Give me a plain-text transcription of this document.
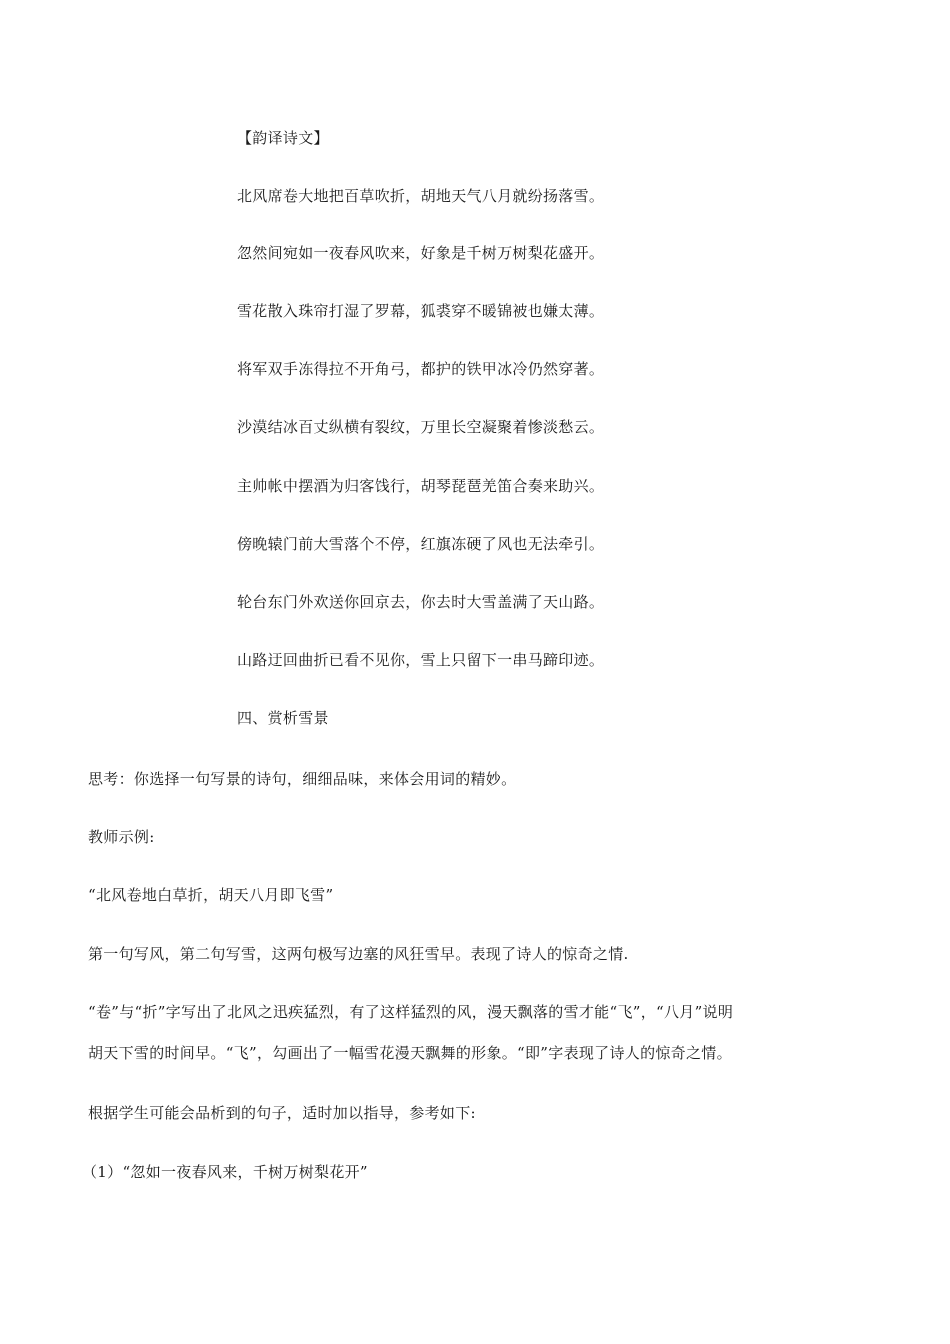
【韵译诗文】
北风席卷大地把百草吹折，胡地天气八月就纷扬落雪。
忽然间宛如一夜春风吹来，好象是千树万树梨花盛开。
雪花散入珠帘打湿了罗幕，狐裘穿不暖锦被也嫌太薄。
将军双手冻得拉不开角弓，都护的铁甲冰冷仍然穿著。
沙漠结冰百丈纵横有裂纹，万里长空凝聚着惨淡愁云。
主帅帐中摆酒为归客饯行，胡琴琵琶羌笛合奏来助兴。
傍晚辕门前大雪落个不停，红旗冻硬了风也无法牵引。
轮台东门外欢送你回京去，你去时大雪盖满了天山路。
山路迂回曲折已看不见你，雪上只留下一串马蹄印迹。
四、赏析雪景
思考：你选择一句写景的诗句，细细品味，来体会用词的精妙。
教师示例:
“北风卷地白草折，胡天八月即飞雪”
第一句写风，第二句写雪，这两句极写边塞的风狂雪早。表现了诗人的惊奇之情.
“卷”与“折”字写出了北风之迅疾猛烈，有了这样猛烈的风，漫天飘落的雪才能“飞”，“八月”说明
胡天下雪的时间早。“飞”，勾画出了一幅雪花漫天飘舞的形象。“即”字表现了诗人的惊奇之情。
根据学生可能会品析到的句子，适时加以指导，参考如下:
（1）“忽如一夜春风来，千树万树梨花开”
